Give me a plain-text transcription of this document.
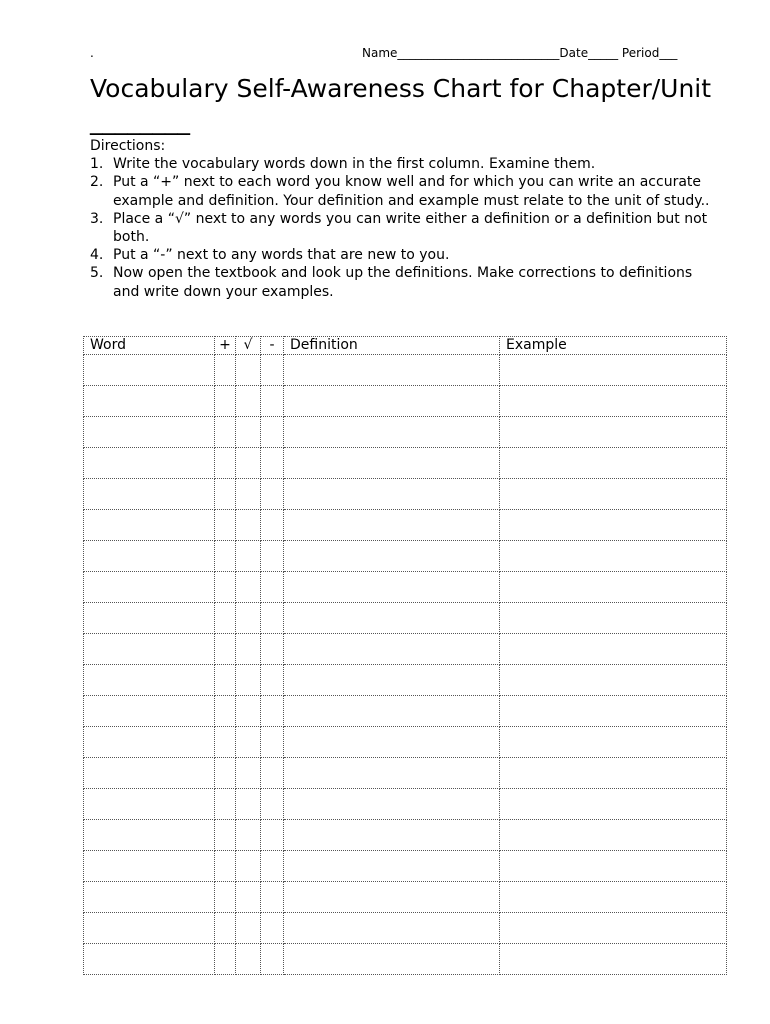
.	Name___________________________Date_____ Period___
Vocabulary Self-Awareness Chart for Chapter/Unit
________
Directions:
1. Write the vocabulary words down in the first column. Examine them.
2. Put a “+” next to each word you know well and for which you can write an accurate example and definition. Your definition and example must relate to the unit of study..
3. Place a “√” next to any words you can write either a definition or a definition but not both.
4. Put a “-” next to any words that are new to you.
5. Now open the textbook and look up the definitions. Make corrections to definitions and write down your examples.
Word	+	√	-	Definition	Example
